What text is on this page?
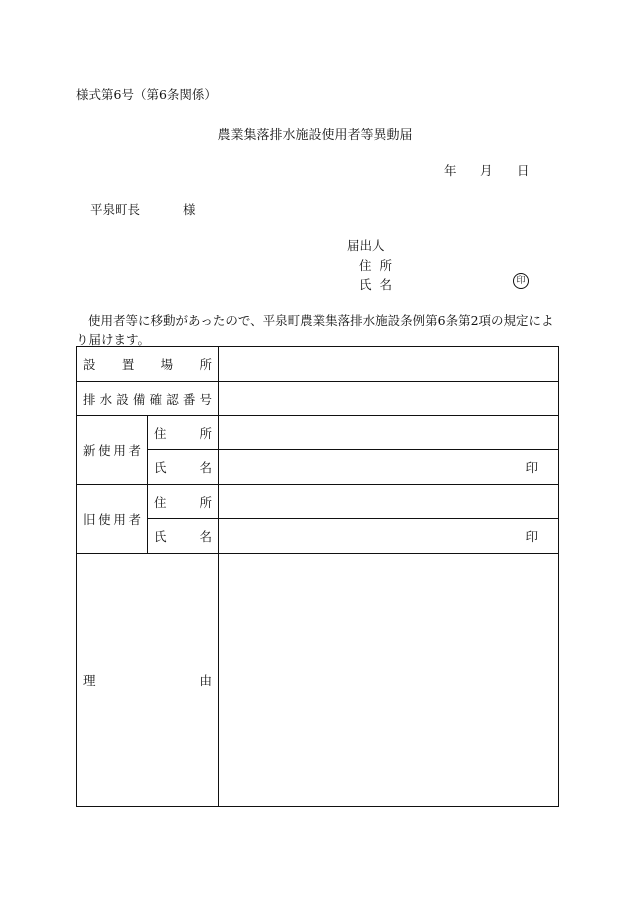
様式第6号（第6条関係）
農業集落排水施設使用者等異動届
年 月 日
平泉町長	様
届出人
住所
氏名	印
使用者等に移動があったので、平泉町農業集落排水施設条例第6条第2項の規定により届けます。
設置場所		
排水設備確認番号		
新使用者	住所	
	氏名	印
旧使用者	住所	
	氏名	印

理 由		
